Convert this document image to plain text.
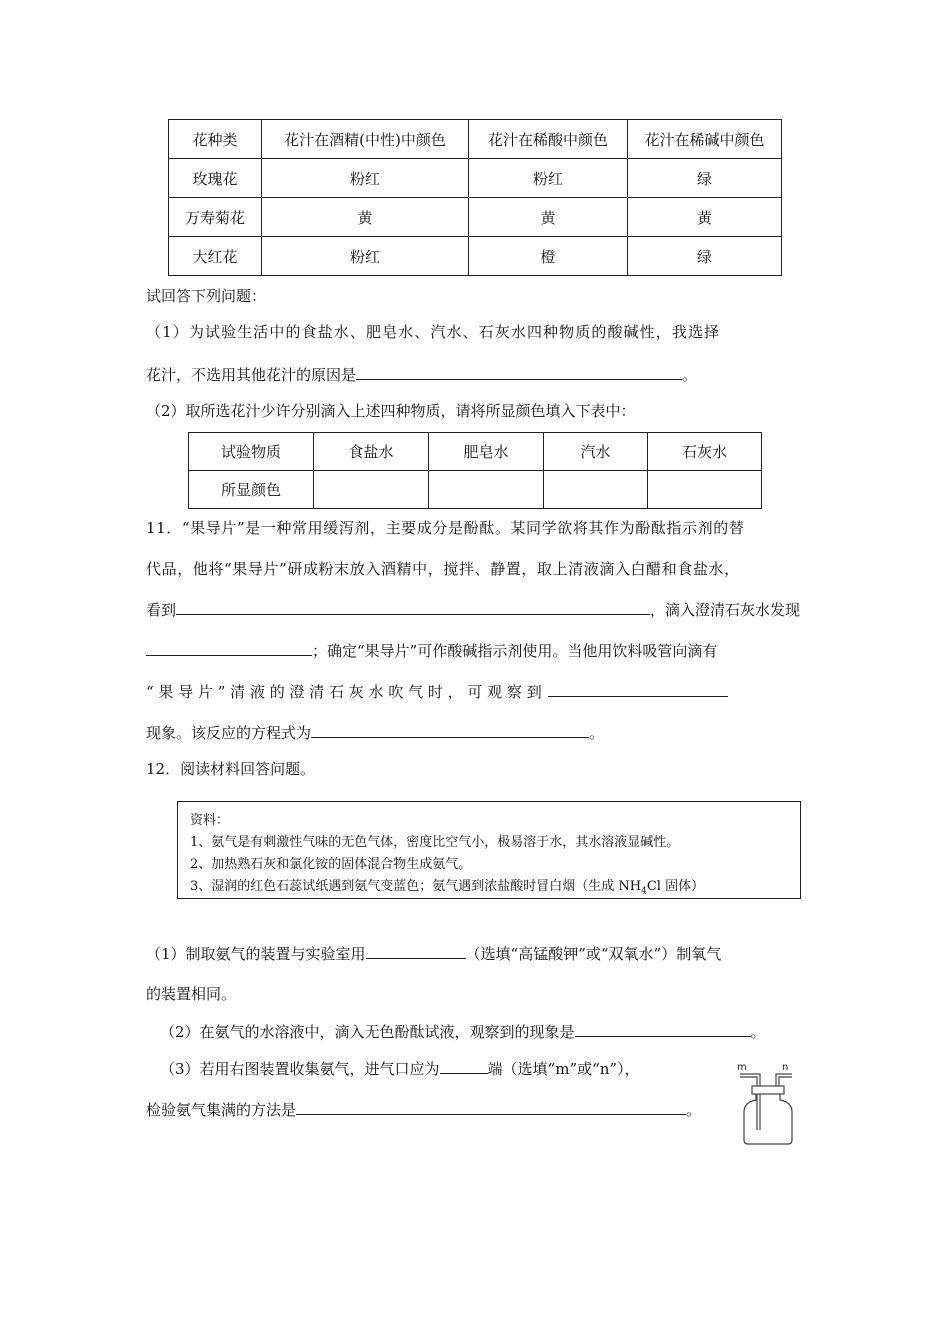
花种类	花汁在酒精(中性)中颜色	花汁在稀酸中颜色	花汁在稀碱中颜色
玫瑰花	粉红	粉红	绿
万寿菊花	黄	黄	黄
大红花	粉红	橙	绿
试回答下列问题：
（1）为试验生活中的食盐水、肥皂水、汽水、石灰水四种物质的酸碱性，我选择
花汁，不选用其他花汁的原因是	。
（2）取所选花汁少许分别滴入上述四种物质，请将所显颜色填入下表中：
试验物质	食盐水	肥皂水	汽水	石灰水
所显颜色				
11．“果导片”是一种常用缓泻剂，主要成分是酚酞。某同学欲将其作为酚酞指示剂的替
代品，他将“果导片”研成粉末放入酒精中，搅拌、静置，取上清液滴入白醋和食盐水，
看到	，滴入澄清石灰水发现
；确定“果导片”可作酸碱指示剂使用。当他用饮料吸管向滴有
“ 果 导 片 ” 清 液 的 澄 清 石 灰 水 吹 气 时 ， 可 观 察 到
现象。该反应的方程式为	。
12．阅读材料回答问题。
资料：
1、氨气是有刺激性气味的无色气体，密度比空气小，极易溶于水，其水溶液显碱性。
2、加热熟石灰和氯化铵的固体混合物生成氨气。
3、湿润的红色石蕊试纸遇到氨气变蓝色；氨气遇到浓盐酸时冒白烟（生成 $NH_4Cl$ 固体）
（1）制取氨气的装置与实验室用	（选填“高锰酸钾”或“双氧水”）制氧气
的装置相同。
（2）在氨气的水溶液中，滴入无色酚酞试液，观察到的现象是	。
（3）若用右图装置收集氨气，进气口应为	端（选填“m”或“n”），
检验氨气集满的方法是	。
m	n
